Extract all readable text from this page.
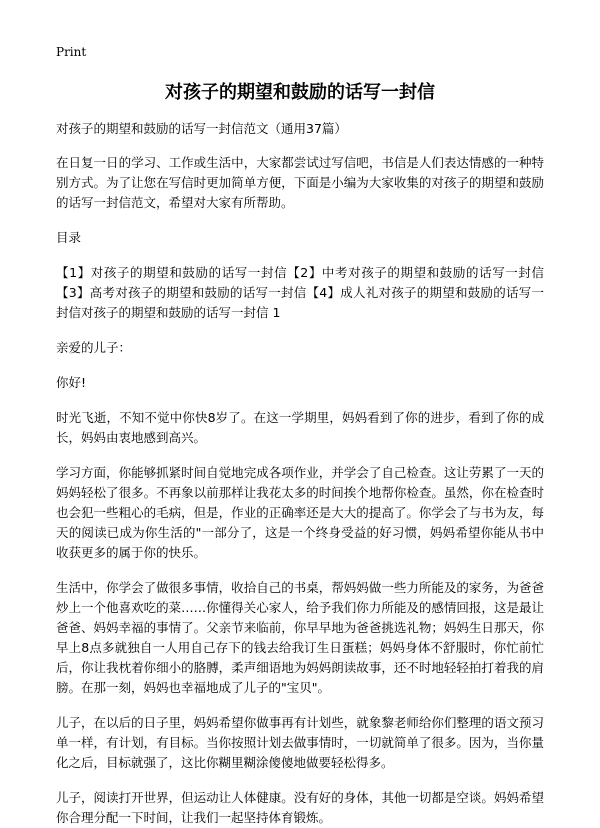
Print
对孩子的期望和鼓励的话写一封信
对孩子的期望和鼓励的话写一封信范文（通用37篇）
在日复一日的学习、工作或生活中，大家都尝试过写信吧，书信是人们表达情感的一种特别方式。为了让您在写信时更加简单方便，下面是小编为大家收集的对孩子的期望和鼓励的话写一封信范文，希望对大家有所帮助。
目录
【1】对孩子的期望和鼓励的话写一封信【2】中考对孩子的期望和鼓励的话写一封信【3】高考对孩子的期望和鼓励的话写一封信【4】成人礼对孩子的期望和鼓励的话写一封信对孩子的期望和鼓励的话写一封信 1
亲爱的儿子：
你好!
时光飞逝，不知不觉中你快8岁了。在这一学期里，妈妈看到了你的进步，看到了你的成长，妈妈由衷地感到高兴。
学习方面，你能够抓紧时间自觉地完成各项作业，并学会了自己检查。这让劳累了一天的妈妈轻松了很多。不再象以前那样让我花太多的时间挨个地帮你检查。虽然，你在检查时也会犯一些粗心的毛病，但是，作业的正确率还是大大的提高了。你学会了与书为友，每天的阅读已成为你生活的"一部分了，这是一个终身受益的好习惯，妈妈希望你能从书中收获更多的属于你的快乐。
生活中，你学会了做很多事情，收拾自己的书桌，帮妈妈做一些力所能及的家务，为爸爸炒上一个他喜欢吃的菜……你懂得关心家人，给予我们你力所能及的感情回报，这是最让爸爸、妈妈幸福的事情了。父亲节来临前，你早早地为爸爸挑选礼物；妈妈生日那天，你早上8点多就独自一人用自己存下的钱去给我订生日蛋糕；妈妈身体不舒服时，你忙前忙后，你让我枕着你细小的胳膊，柔声细语地为妈妈朗读故事，还不时地轻轻拍打着我的肩膀。在那一刻，妈妈也幸福地成了儿子的"宝贝"。
儿子，在以后的日子里，妈妈希望你做事再有计划些，就象黎老师给你们整理的语文预习单一样，有计划，有目标。当你按照计划去做事情时，一切就简单了很多。因为，当你量化之后，目标就强了，这比你糊里糊涂傻傻地做要轻松得多。
儿子，阅读打开世界，但运动让人体健康。没有好的身体，其他一切都是空谈。妈妈希望你合理分配一下时间，让我们一起坚持体育锻炼。
